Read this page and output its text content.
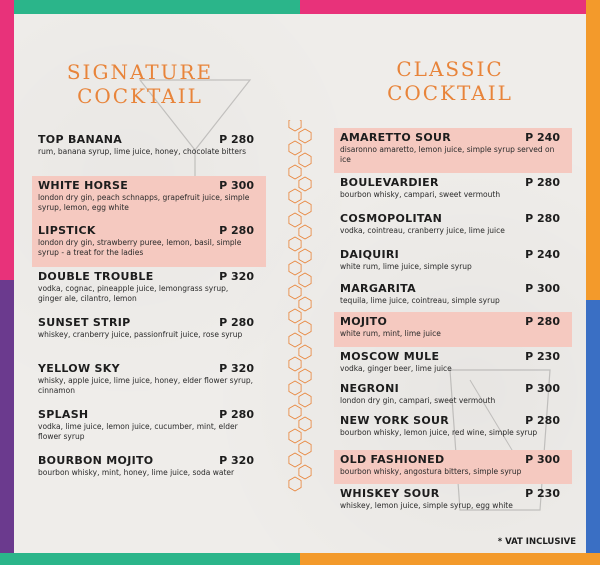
SIGNATURE
COCKTAIL
CLASSIC
COCKTAIL
TOP BANANA	P 280
rum, banana syrup, lime juice, honey, chocolate bitters
WHITE HORSE	P 300
london dry gin, peach schnapps, grapefruit juice, simple syrup, lemon, egg white
LIPSTICK	P 280
london dry gin, strawberry puree, lemon, basil, simple syrup - a treat for the ladies
DOUBLE TROUBLE	P 320
vodka, cognac, pineapple juice, lemongrass syrup, ginger ale, cilantro, lemon
SUNSET STRIP	P 280
whiskey, cranberry juice, passionfruit juice, rose syrup
YELLOW SKY	P 320
whisky, apple juice, lime juice, honey, elder flower syrup, cinnamon
SPLASH	P 280
vodka, lime juice, lemon juice, cucumber, mint, elder flower syrup
BOURBON MOJITO	P 320
bourbon whisky, mint, honey, lime juice, soda water
AMARETTO SOUR	P 240
disaronno amaretto, lemon juice, simple syrup served on ice
BOULEVARDIER	P 280
bourbon whisky, campari, sweet vermouth
COSMOPOLITAN	P 280
vodka, cointreau, cranberry juice, lime juice
DAIQUIRI	P 240
white rum, lime juice, simple syrup
MARGARITA	P 300
tequila, lime juice, cointreau, simple syrup
MOJITO	P 280
white rum, mint, lime juice
MOSCOW MULE	P 230
vodka, ginger beer, lime juice
NEGRONI	P 300
london dry gin, campari, sweet vermouth
NEW YORK SOUR	P 280
bourbon whisky, lemon juice, red wine, simple syrup
OLD FASHIONED	P 300
bourbon whisky, angostura bitters, simple syrup
WHISKEY SOUR	P 230
whiskey, lemon juice, simple syrup, egg white
* VAT INCLUSIVE
